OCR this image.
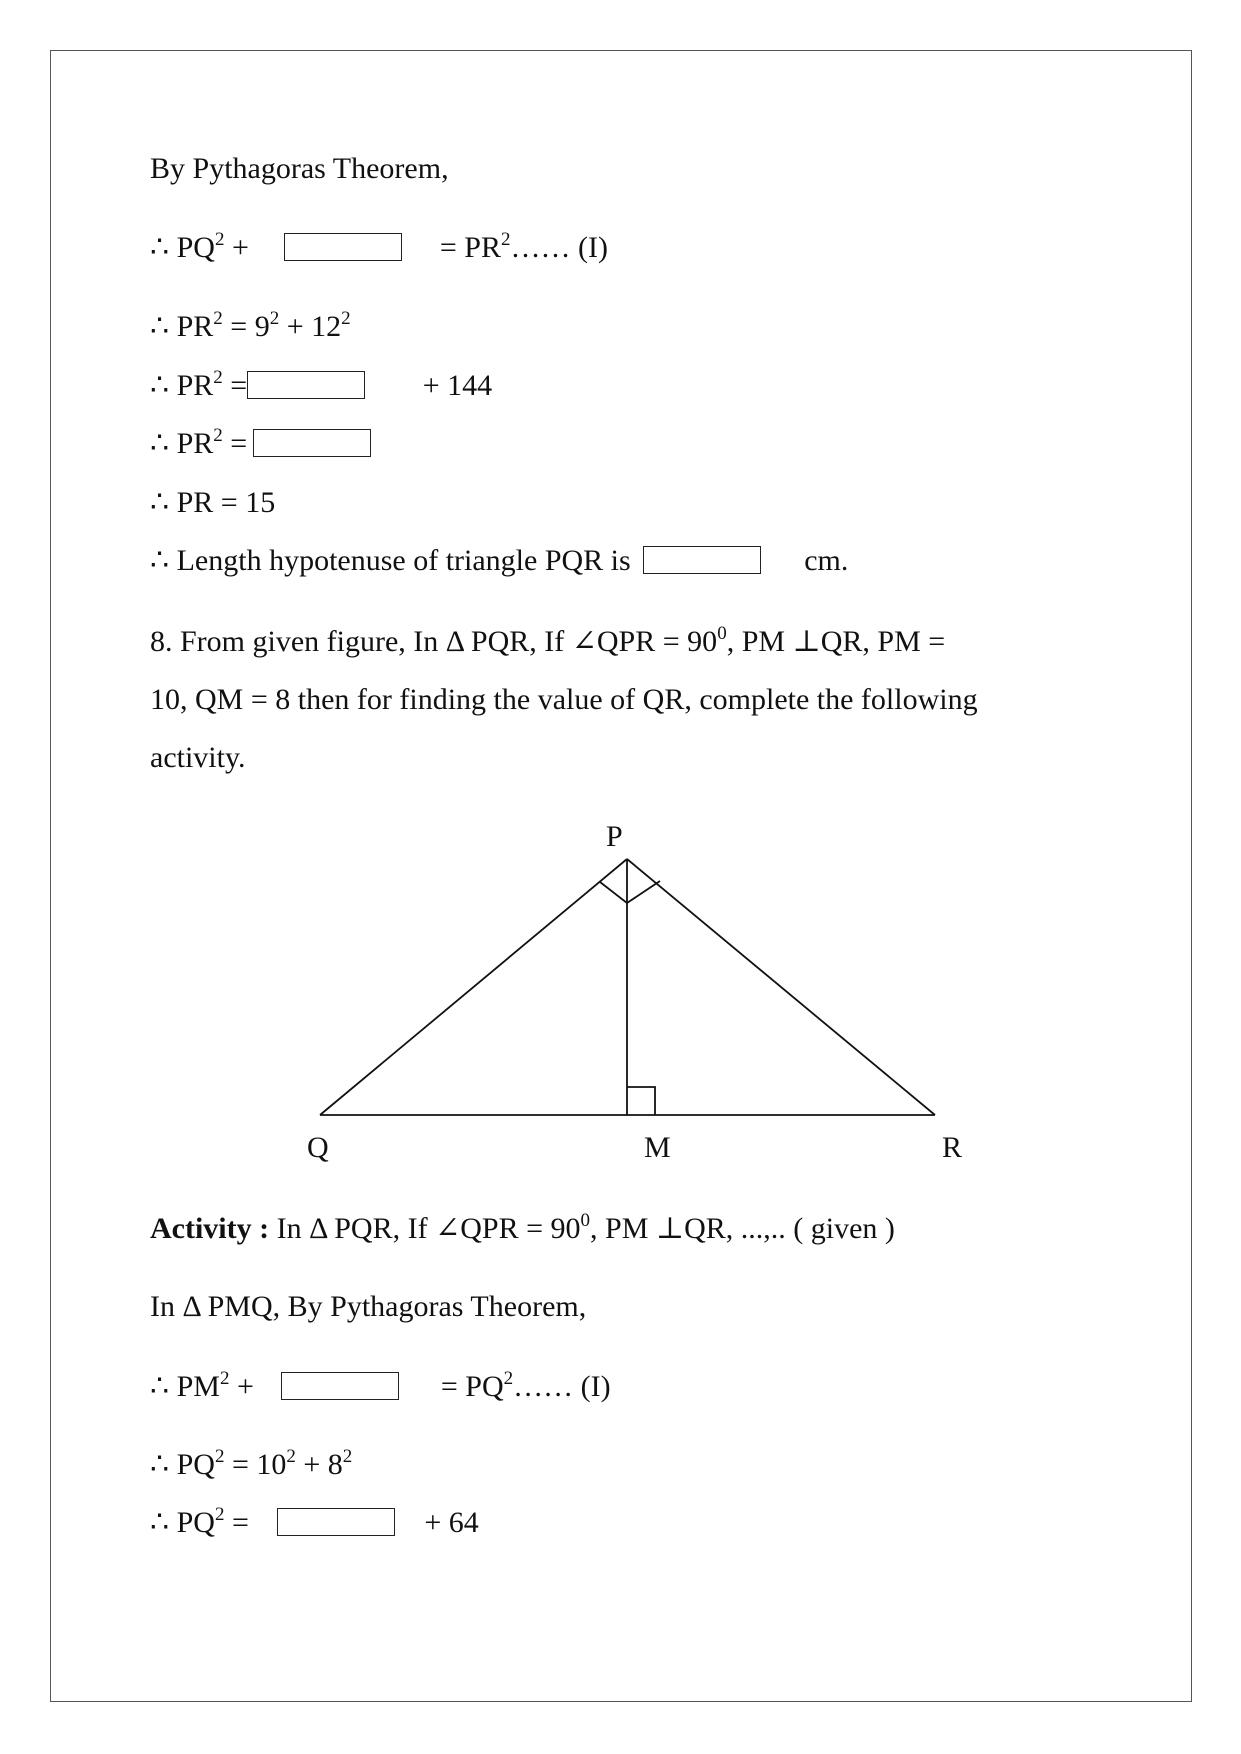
By Pythagoras Theorem,
∴ $PQ^2$ +	= $PR^2\dots\dots$ (I)
∴ $PR^2 = 9^2 + 12^2$
∴ $PR^2$ =	+ 144
∴ $PR^2$ =
∴ PR = 15
∴ Length hypotenuse of triangle PQR is	cm.
8. From given figure, In Δ PQR, If ∠QPR = $90^0$, PM ⊥QR, PM =
10, QM = 8 then for finding the value of QR, complete the following
activity.
P
Q	M	R
Activity : In Δ PQR, If ∠QPR = $90^0$, PM ⊥QR, ...,.. ( given )
In Δ PMQ, By Pythagoras Theorem,
∴ $PM^2$ +	= $PQ^2\dots\dots$ (I)
∴ $PQ^2 = 10^2 + 8^2$
∴ $PQ^2$ =	+ 64
